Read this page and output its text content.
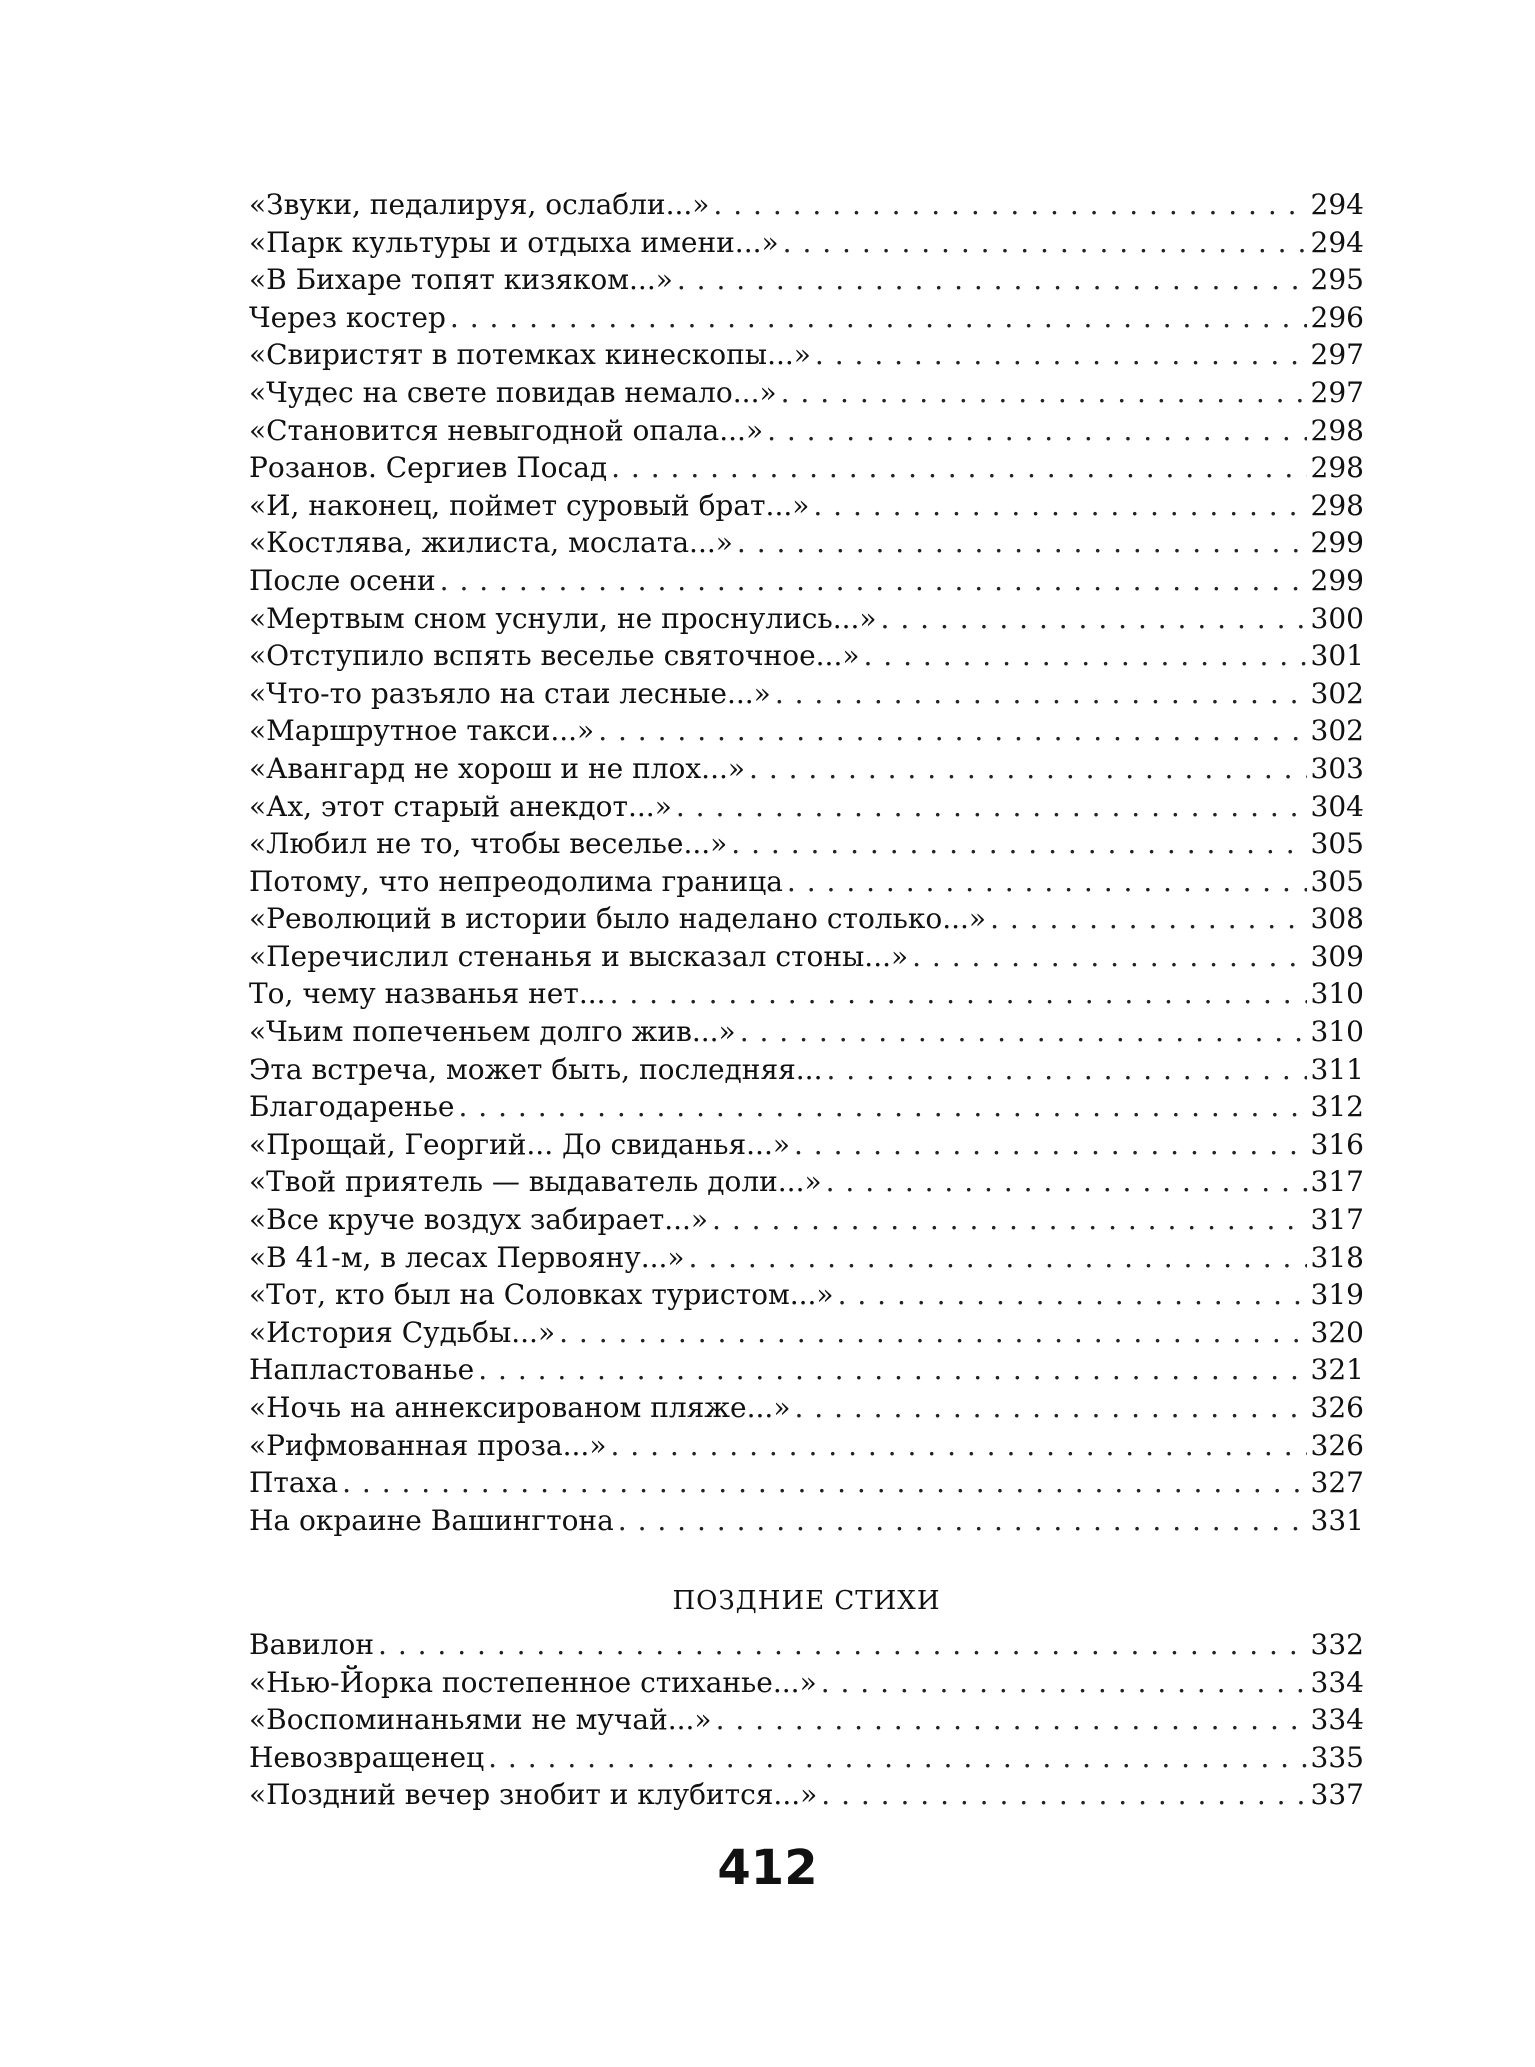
«Звуки, педалируя, ослабли...» . . .	294
«Парк культуры и отдыха имени...» . . .	294
«В Бихаре топят кизяком...» . . .	295
Через костер . . .	296
«Свиристят в потемках кинескопы...» . . .	297
«Чудес на свете повидав немало...» . . .	297
«Становится невыгодной опала...» . . .	298
Розанов. Сергиев Посад . . .	298
«И, наконец, поймет суровый брат...» . . .	298
«Костлява, жилиста, мослата...» . . .	299
После осени . . .	299
«Мертвым сном уснули, не проснулись...» . . .	300
«Отступило вспять веселье святочное...» . . .	301
«Что-то разъяло на стаи лесные...» . . .	302
«Маршрутное такси...» . . .	302
«Авангард не хорош и не плох...» . . .	303
«Ах, этот старый анекдот...» . . .	304
«Любил не то, чтобы веселье...» . . .	305
Потому, что непреодолима граница . . .	305
«Революций в истории было наделано столько...» . . .	308
«Перечислил стенанья и высказал стоны...» . . .	309
То, чему названья нет... . . .	310
«Чьим попеченьем долго жив...» . . .	310
Эта встреча, может быть, последняя... . . .	311
Благодаренье . . .	312
«Прощай, Георгий... До свиданья...» . . .	316
«Твой приятель — выдаватель доли...» . . .	317
«Все круче воздух забирает...» . . .	317
«В 41-м, в лесах Первояну...» . . .	318
«Тот, кто был на Соловках туристом...» . . .	319
«История Судьбы...» . . .	320
Напластованье . . .	321
«Ночь на аннексированом пляже...» . . .	326
«Рифмованная проза...» . . .	326
Птаха . . .	327
На окраине Вашингтона . . .	331
ПОЗДНИЕ СТИХИ
Вавилон . . .	332
«Нью-Йорка постепенное стиханье...» . . .	334
«Воспоминаньями не мучай...» . . .	334
Невозвращенец . . .	335
«Поздний вечер знобит и клубится...» . . .	337
412
